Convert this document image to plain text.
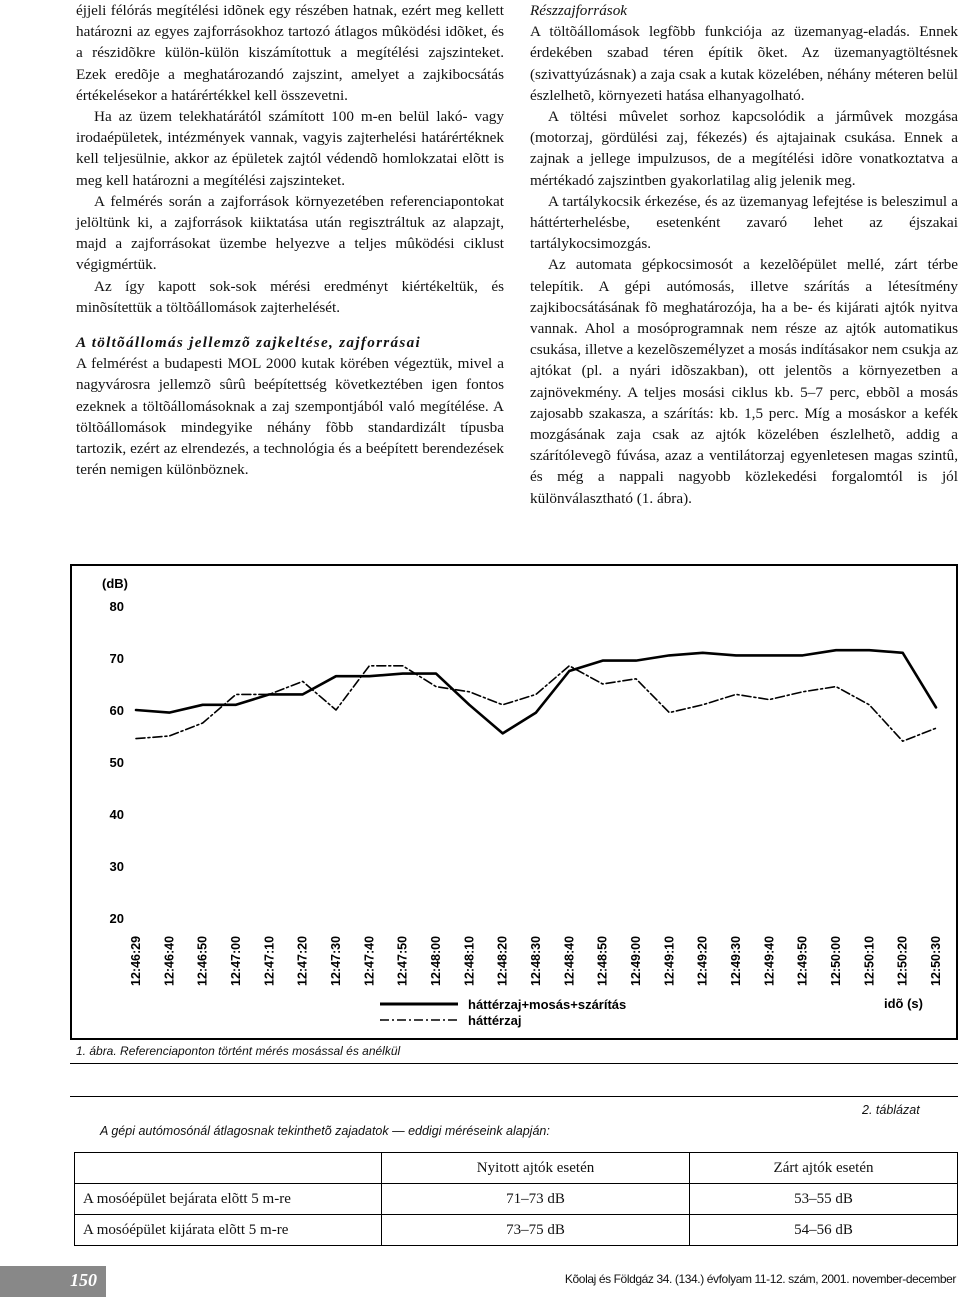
éjjeli félórás megítélési idõnek egy részében hatnak, ezért meg kellett határozni az egyes zajforrásokhoz tartozó átlagos mûködési idõket, és a részidõkre külön-külön kiszámítottuk a megítélési zajszinteket. Ezek eredõje a meghatározandó zajszint, amelyet a zajkibocsátás értékelésekor a határértékkel kell összevetni.

Ha az üzem telekhatárától számított 100 m-en belül lakó- vagy irodaépületek, intézmények vannak, vagyis zajterhelési határértéknek kell teljesülnie, akkor az épületek zajtól védendõ homlokzatai elõtt is meg kell határozni a megítélési zajszinteket.

A felmérés során a zajforrások környezetében referenciapontokat jelöltünk ki, a zajforrások kiiktatása után regisztráltuk az alapzajt, majd a zajforrásokat üzembe helyezve a teljes mûködési ciklust végigmértük.

Az így kapott sok-sok mérési eredményt kiértékeltük, és minõsítettük a töltõállomások zajterhelését.

A töltõállomás jellemzõ zajkeltése, zajforrásai

A felmérést a budapesti MOL 2000 kutak körében végeztük, mivel a nagyvárosra jellemzõ sûrû beépítettség következtében igen fontos ezeknek a töltõállomásoknak a zaj szempontjából való megítélése. A töltõállomások mindegyike néhány fõbb standardizált típusba tartozik, ezért az elrendezés, a technológia és a beépített berendezések terén nemigen különböznek.

Részzajforrások

A töltõállomások legfõbb funkciója az üzemanyag-eladás. Ennek érdekében szabad téren építik õket. Az üzemanyagtöltésnek (szivattyúzásnak) a zaja csak a kutak közelében, néhány méteren belül észlelhetõ, környezeti hatása elhanyagolható.

A töltési mûvelet sorhoz kapcsolódik a jármûvek mozgása (motorzaj, gördülési zaj, fékezés) és ajtajainak csukása. Ennek a zajnak a jellege impulzusos, de a megítélési idõre vonatkoztatva a mértékadó zajszintben gyakorlatilag alig jelenik meg.

A tartálykocsik érkezése, és az üzemanyag lefejtése is beleszimul a háttérterhelésbe, esetenként zavaró lehet az éjszakai tartálykocsimozgás.

Az automata gépkocsimosót a kezelõépület mellé, zárt térbe telepítik. A gépi autómosás, illetve szárítás a létesítmény zajkibocsátásának fõ meghatározója, ha a be- és kijárati ajtók nyitva vannak. Ahol a mosóprogramnak nem része az ajtók automatikus csukása, illetve a kezelõszemélyzet a mosás indításakor nem csukja az ajtókat (pl. a nyári idõszakban), ott jelentõs a környezetben a zajnövekmény. A teljes mosási ciklus kb. 5–7 perc, ebbõl a mosás zajosabb szakasza, a szárítás: kb. 1,5 perc. Míg a mosáskor a kefék mozgásának zaja csak az ajtók közelében észlelhetõ, addig a szárítólevegõ fúvása, azaz a ventilátorzaj egyenletesen magas szintû, és még a nappali nagyobb közlekedési forgalomtól is jól különválasztható (1. ábra).

(dB)
20
30
40
50
60
70
80
12:46:29 12:46:40 12:46:50 12:47:00 12:47:10 12:47:20 12:47:30 12:47:40 12:47:50 12:48:00 12:48:10 12:48:20 12:48:30 12:48:40 12:48:50 12:49:00 12:49:10 12:49:20 12:49:30 12:49:40 12:49:50 12:50:00 12:50:10 12:50:20 12:50:30
háttérzaj+mosás+szárítás
háttérzaj
idõ (s)
1. ábra. Referenciaponton történt mérés mosással és anélkül
2. táblázat
A gépi autómosónál átlagosnak tekinthetõ zajadatok — eddigi méréseink alapján:
	Nyitott ajtók esetén	Zárt ajtók esetén
A mosóépület bejárata elõtt 5 m-re	71–73 dB	53–55 dB
A mosóépület kijárata elõtt 5 m-re	73–75 dB	54–56 dB
150	Kõolaj és Földgáz 34. (134.) évfolyam 11-12. szám, 2001. november-december
